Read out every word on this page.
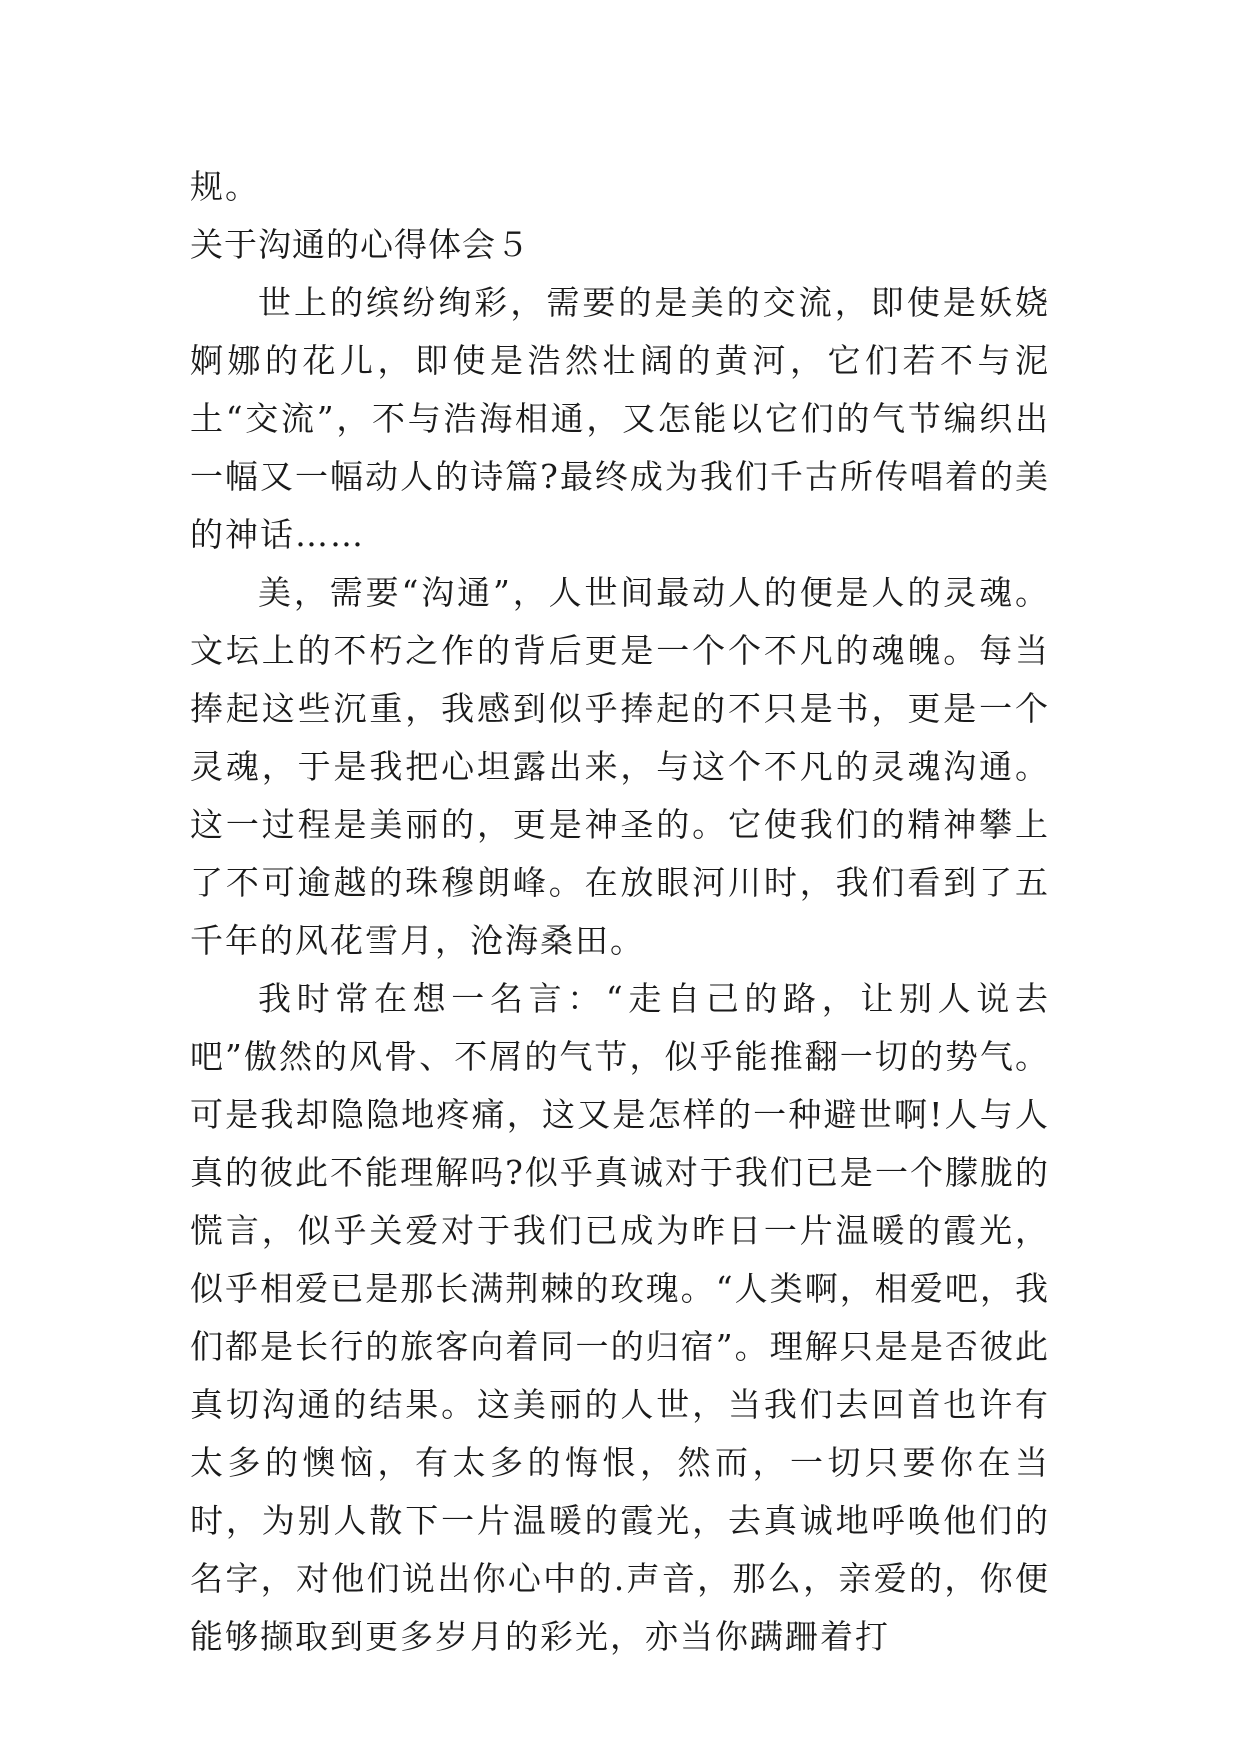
规。

关于沟通的心得体会５

世上的缤纷绚彩，需要的是美的交流，即使是妖娆婀娜的花儿，即使是浩然壮阔的黄河，它们若不与泥土“交流”，不与浩海相通，又怎能以它们的气节编织出一幅又一幅动人的诗篇?最终成为我们千古所传唱着的美的神话……

美，需要“沟通”，人世间最动人的便是人的灵魂。文坛上的不朽之作的背后更是一个个不凡的魂魄。每当捧起这些沉重，我感到似乎捧起的不只是书，更是一个灵魂，于是我把心坦露出来，与这个不凡的灵魂沟通。这一过程是美丽的，更是神圣的。它使我们的精神攀上了不可逾越的珠穆朗峰。在放眼河川时，我们看到了五千年的风花雪月，沧海桑田。

我时常在想一名言：“走自己的路，让别人说去吧”傲然的风骨、不屑的气节，似乎能推翻一切的势气。可是我却隐隐地疼痛，这又是怎样的一种避世啊!人与人真的彼此不能理解吗?似乎真诚对于我们已是一个朦胧的慌言，似乎关爱对于我们已成为昨日一片温暖的霞光，似乎相爱已是那长满荆棘的玫瑰。“人类啊，相爱吧，我们都是长行的旅客向着同一的归宿”。理解只是是否彼此真切沟通的结果。这美丽的人世，当我们去回首也许有太多的懊恼，有太多的悔恨，然而，一切只要你在当时，为别人散下一片温暖的霞光，去真诚地呼唤他们的名字，对他们说出你心中的.声音，那么，亲爱的，你便能够撷取到更多岁月的彩光，亦当你蹒跚着打
